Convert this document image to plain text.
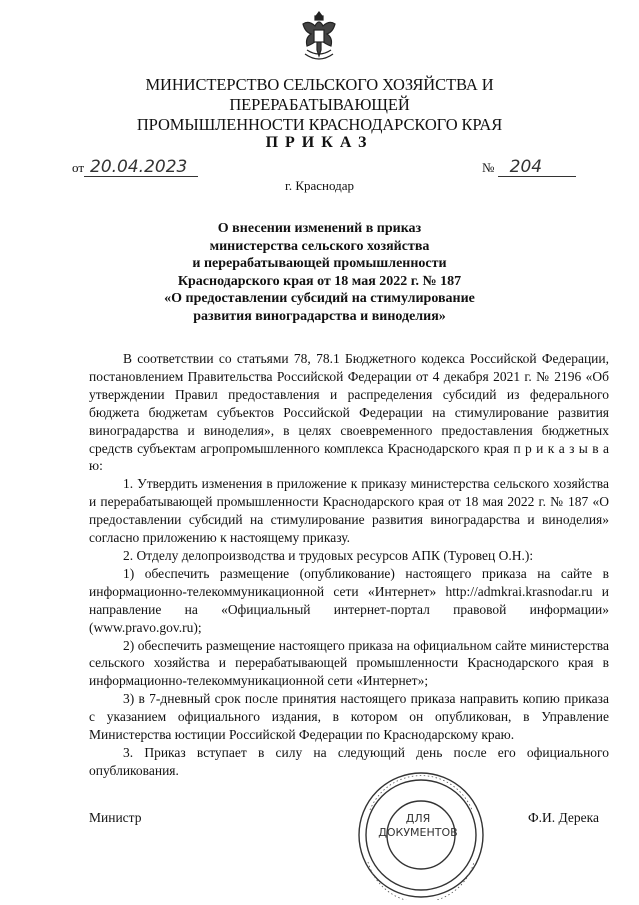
МИНИСТЕРСТВО СЕЛЬСКОГО ХОЗЯЙСТВА И ПЕРЕРАБАТЫВАЮЩЕЙ
ПРОМЫШЛЕННОСТИ КРАСНОДАРСКОГО КРАЯ
ПРИКАЗ
от 20.04.2023	№ 204
г. Краснодар
О внесении изменений в приказ
министерства сельского хозяйства
и перерабатывающей промышленности
Краснодарского края от 18 мая 2022 г. № 187
«О предоставлении субсидий на стимулирование
развития виноградарства и виноделия»

В соответствии со статьями 78, 78.1 Бюджетного кодекса Российской Федерации, постановлением Правительства Российской Федерации от 4 декабря 2021 г. № 2196 «Об утверждении Правил предоставления и распределения субсидий из федерального бюджета бюджетам субъектов Российской Федерации на стимулирование развития виноградарства и виноделия», в целях своевременного предоставления бюджетных средств субъектам агропромышленного комплекса Краснодарского края п р и к а з ы в а ю:

1. Утвердить изменения в приложение к приказу министерства сельского хозяйства и перерабатывающей промышленности Краснодарского края от 18 мая 2022 г. № 187 «О предоставлении субсидий на стимулирование развития виноградарства и виноделия» согласно приложению к настоящему приказу.

2. Отделу делопроизводства и трудовых ресурсов АПК (Туровец О.Н.):

1) обеспечить размещение (опубликование) настоящего приказа на сайте в информационно-телекоммуникационной сети «Интернет» http://admkrai.krasnodar.ru и направление на «Официальный интернет-портал правовой информации» (www.pravo.gov.ru);

2) обеспечить размещение настоящего приказа на официальном сайте министерства сельского хозяйства и перерабатывающей промышленности Краснодарского края в информационно-телекоммуникационной сети «Интернет»;

3) в 7-дневный срок после принятия настоящего приказа направить копию приказа с указанием официального издания, в котором он опубликован, в Управление Министерства юстиции Российской Федерации по Краснодарскому краю.

3. Приказ вступает в силу на следующий день после его официального опубликования.

Министр	Ф.И. Дерека
ДЛЯ
ДОКУМЕНТОВ
